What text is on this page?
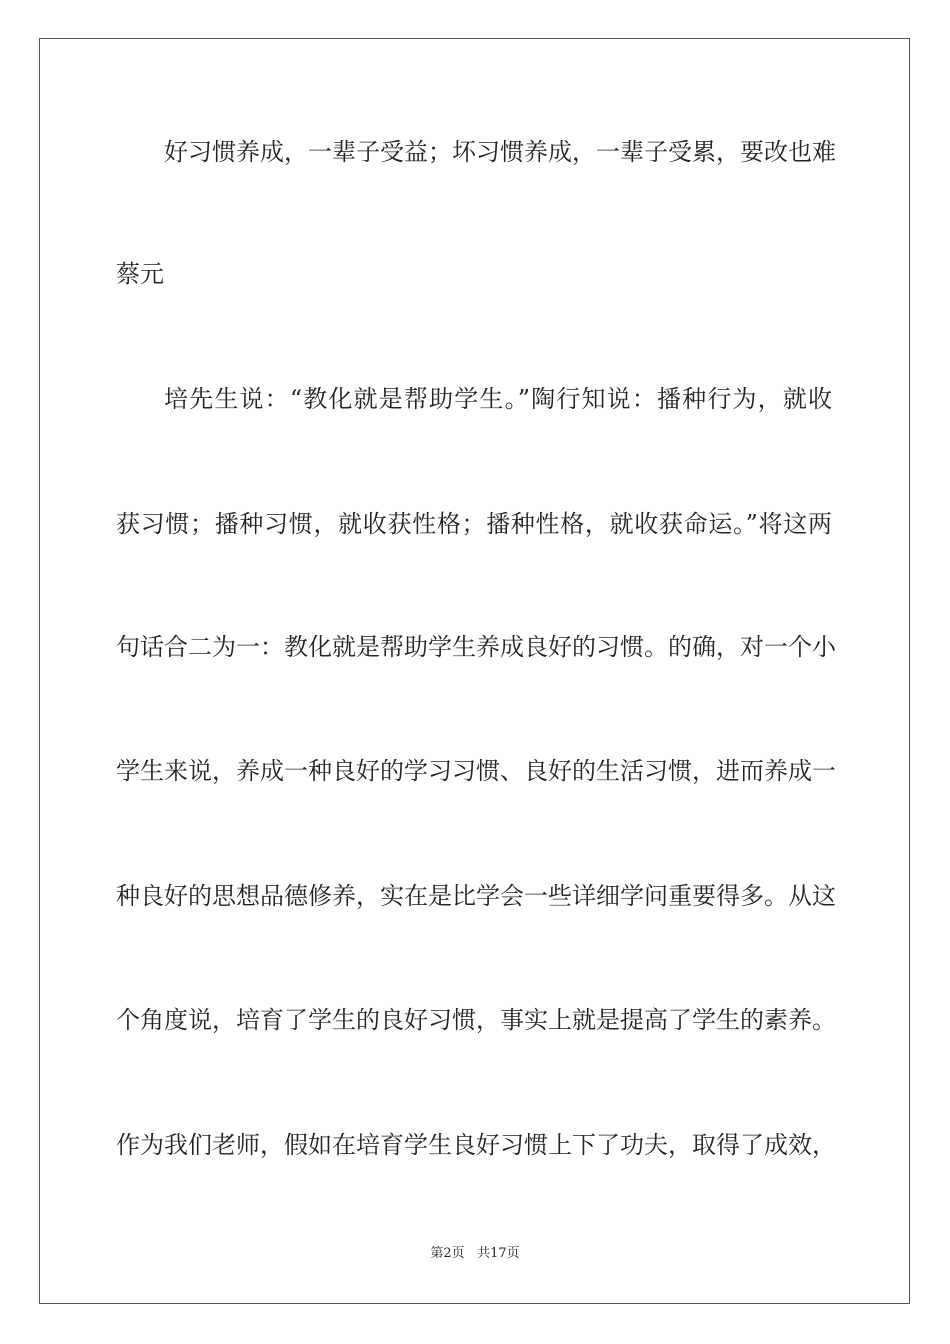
好习惯养成，一辈子受益；坏习惯养成，一辈子受累，要改也难
蔡元
培先生说：“教化就是帮助学生。”陶行知说：播种行为，就收
获习惯；播种习惯，就收获性格；播种性格，就收获命运。”将这两
句话合二为一：教化就是帮助学生养成良好的习惯。的确，对一个小
学生来说，养成一种良好的学习习惯、良好的生活习惯，进而养成一
种良好的思想品德修养，实在是比学会一些详细学问重要得多。从这
个角度说，培育了学生的良好习惯，事实上就是提高了学生的素养。
作为我们老师，假如在培育学生良好习惯上下了功夫，取得了成效，
第2页 共17页
